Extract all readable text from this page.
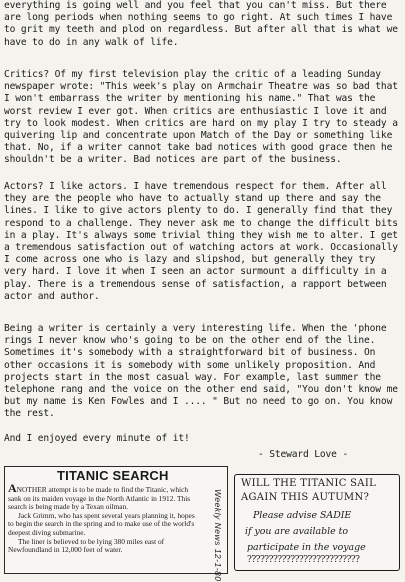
everything is going well and you feel that you can't miss. But there are long periods when nothing seems to go right. At such times I have to grit my teeth and plod on regardless. But after all that is what we have to do in any walk of life.

Critics? Of my first television play the critic of a leading Sunday newspaper wrote: "This week's play on Armchair Theatre was so bad that I won't embarrass the writer by mentioning his name." That was the worst review I ever got. When critics are enthusiastic I love it and try to look modest. When critics are hard on my play I try to steady a quivering lip and concentrate upon Match of the Day or something like that. No, if a writer cannot take bad notices with good grace then he shouldn't be a writer. Bad notices are part of the business.

Actors? I like actors. I have tremendous respect for them. After all they are the people who have to actually stand up there and say the lines. I like to give actors plenty to do. I generally find that they respond to a challenge. They never ask me to change the difficult bits in a play. It's always some trivial thing they wish me to alter. I get a tremendous satisfaction out of watching actors at work. Occasionally I come across one who is lazy and slipshod, but generally they try very hard. I love it when I seen an actor surmount a difficulty in a play. There is a tremendous sense of satisfaction, a rapport between actor and author.

Being a writer is certainly a very interesting life. When the 'phone rings I never know who's going to be on the other end of the line. Sometimes it's somebody with a straightforward bit of business. On other occasions it is somebody with some unlikely proposition. And projects start in the most casual way. For example, last summer the telephone rang and the voice on the other end said, "You don't know me but my name is Ken Fowles and I .... " But no need to go on. You know the rest.

And I enjoyed every minute of it!

- Steward Love -
TITANIC SEARCH

ANOTHER attempt is to be made to find the Titanic, which sank on its maiden voyage in the North Atlantic in 1912. This search is being made by a Texan oilman.

Jack Grimm, who has spent several years planning it, hopes to begin the search in the spring and to make use of the world's deepest diving submarine.

The liner is believed to be lying 380 miles east of Newfoundland in 12,000 feet of water.	Weekly News 12-1-80
WILL THE TITANIC SAIL
AGAIN THIS AUTUMN?
Please advise SADIE
if you are available to
participate in the voyage
??????????????????????????
